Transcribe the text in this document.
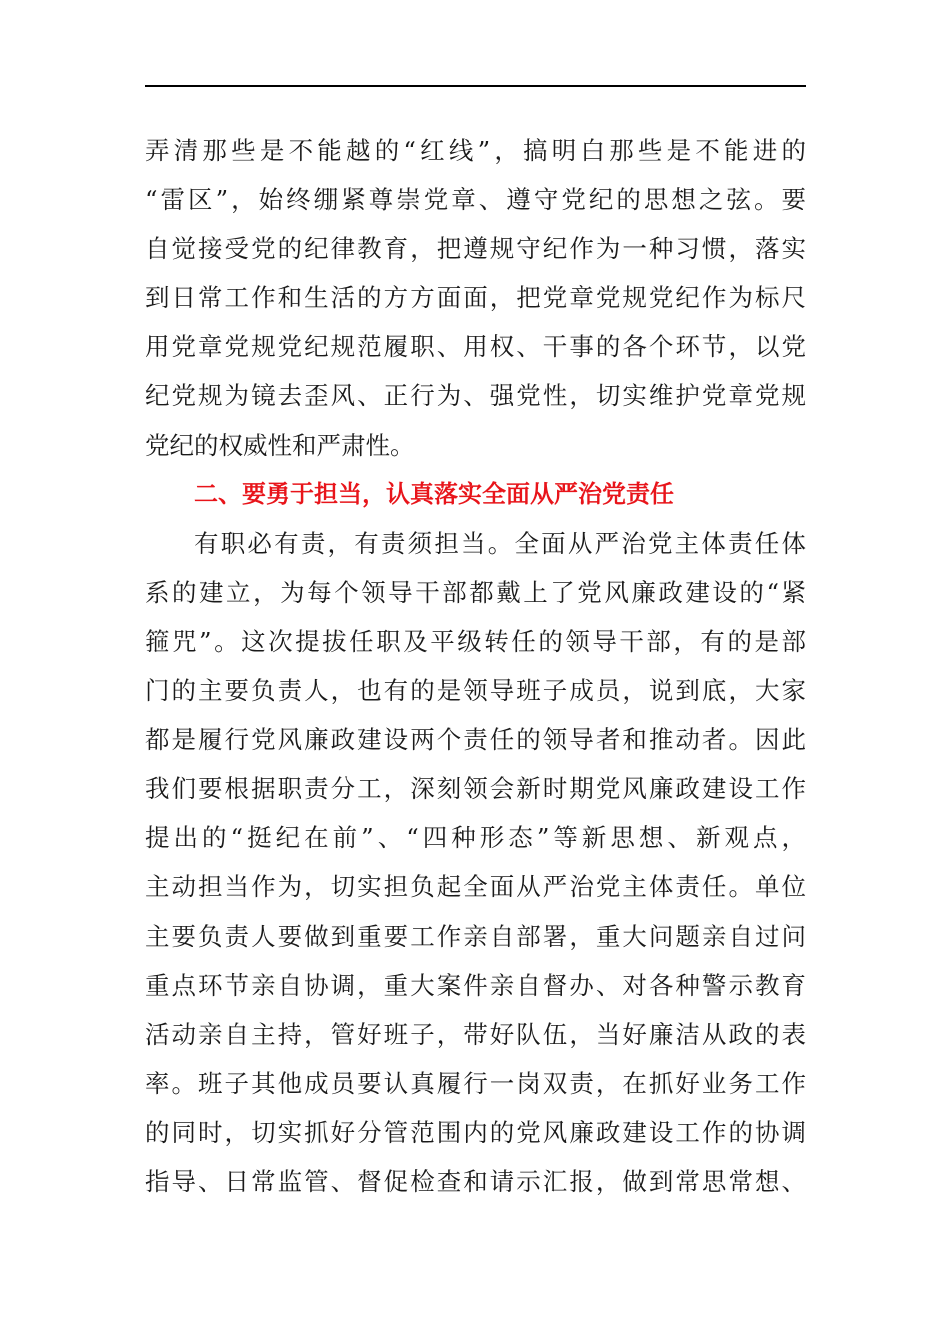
弄清那些是不能越的“红线”，搞明白那些是不能进的
“雷区”，始终绷紧尊崇党章、遵守党纪的思想之弦。要
自觉接受党的纪律教育，把遵规守纪作为一种习惯，落实
到日常工作和生活的方方面面，把党章党规党纪作为标尺
用党章党规党纪规范履职、用权、干事的各个环节，以党
纪党规为镜去歪风、正行为、强党性，切实维护党章党规
党纪的权威性和严肃性。
二、要勇于担当，认真落实全面从严治党责任
有职必有责，有责须担当。全面从严治党主体责任体
系的建立，为每个领导干部都戴上了党风廉政建设的“紧
箍咒”。这次提拔任职及平级转任的领导干部，有的是部
门的主要负责人，也有的是领导班子成员，说到底，大家
都是履行党风廉政建设两个责任的领导者和推动者。因此
我们要根据职责分工，深刻领会新时期党风廉政建设工作
提出的“挺纪在前”、“四种形态”等新思想、新观点，
主动担当作为，切实担负起全面从严治党主体责任。单位
主要负责人要做到重要工作亲自部署，重大问题亲自过问
重点环节亲自协调，重大案件亲自督办、对各种警示教育
活动亲自主持，管好班子，带好队伍，当好廉洁从政的表
率。班子其他成员要认真履行一岗双责，在抓好业务工作
的同时，切实抓好分管范围内的党风廉政建设工作的协调
指导、日常监管、督促检查和请示汇报，做到常思常想、
